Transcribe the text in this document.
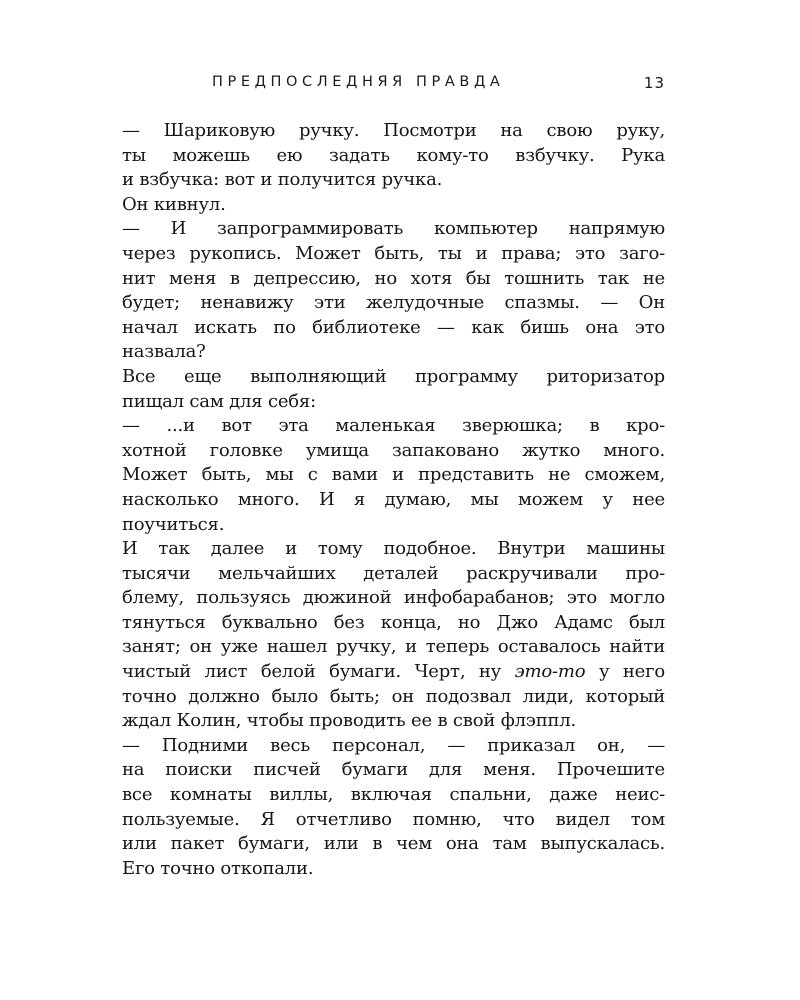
ПРЕДПОСЛЕДНЯЯ ПРАВДА	13
— Шариковую ручку. Посмотри на свою руку,
ты можешь ею задать кому-то взбучку. Рука
и взбучка: вот и получится ручка.
Он кивнул.
— И запрограммировать компьютер напрямую
через рукопись. Может быть, ты и права; это заго-
нит меня в депрессию, но хотя бы тошнить так не
будет; ненавижу эти желудочные спазмы. — Он
начал искать по библиотеке — как бишь она это
назвала?
Все еще выполняющий программу риторизатор
пищал сам для себя:
— ...и вот эта маленькая зверюшка; в кро-
хотной головке умища запаковано жутко много.
Может быть, мы с вами и представить не сможем,
насколько много. И я думаю, мы можем у нее
поучиться.
И так далее и тому подобное. Внутри машины
тысячи мельчайших деталей раскручивали про-
блему, пользуясь дюжиной инфобарабанов; это могло
тянуться буквально без конца, но Джо Адамс был
занят; он уже нашел ручку, и теперь оставалось найти
чистый лист белой бумаги. Черт, ну это-то у него
точно должно было быть; он подозвал лиди, который
ждал Колин, чтобы проводить ее в свой флэппл.
— Подними весь персонал, — приказал он, —
на поиски писчей бумаги для меня. Прочешите
все комнаты виллы, включая спальни, даже неис-
пользуемые. Я отчетливо помню, что видел том
или пакет бумаги, или в чем она там выпускалась.
Его точно откопали.
